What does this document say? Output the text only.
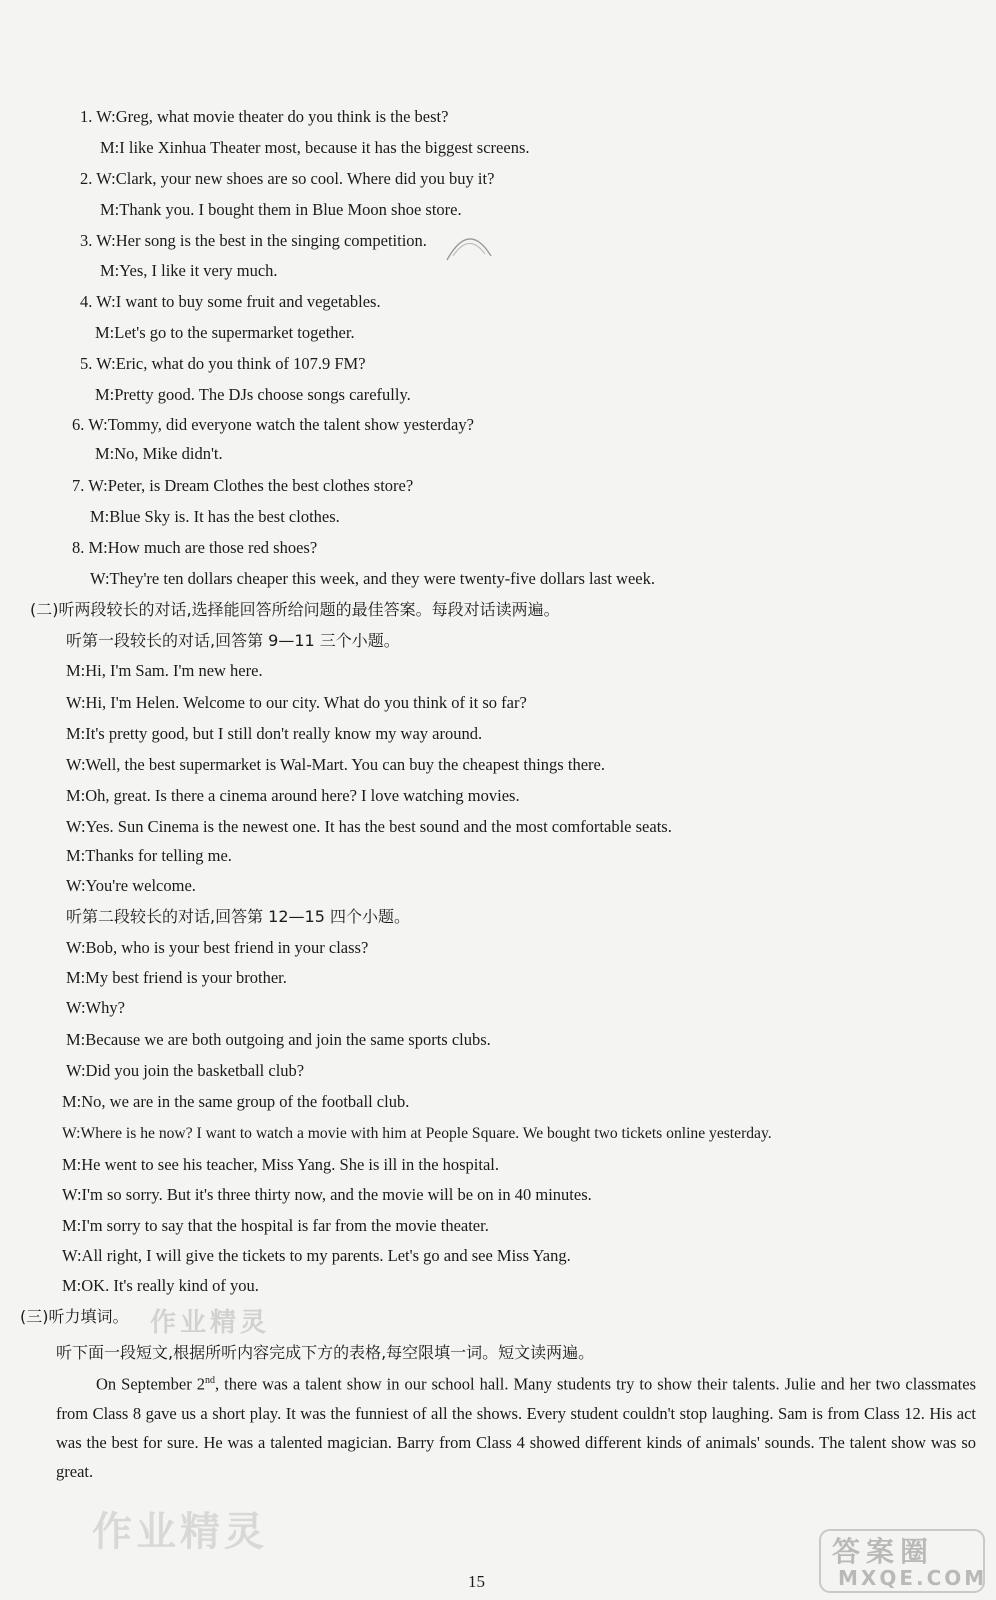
1. W:Greg, what movie theater do you think is the best?
M:I like Xinhua Theater most, because it has the biggest screens.
2. W:Clark, your new shoes are so cool. Where did you buy it?
M:Thank you. I bought them in Blue Moon shoe store.
3. W:Her song is the best in the singing competition.
M:Yes, I like it very much.
4. W:I want to buy some fruit and vegetables.
M:Let's go to the supermarket together.
5. W:Eric, what do you think of 107.9 FM?
M:Pretty good. The DJs choose songs carefully.
6. W:Tommy, did everyone watch the talent show yesterday?
M:No, Mike didn't.
7. W:Peter, is Dream Clothes the best clothes store?
M:Blue Sky is. It has the best clothes.
8. M:How much are those red shoes?
W:They're ten dollars cheaper this week, and they were twenty-five dollars last week.
(二)听两段较长的对话,选择能回答所给问题的最佳答案。每段对话读两遍。
听第一段较长的对话,回答第 9—11 三个小题。
M:Hi, I'm Sam. I'm new here.
W:Hi, I'm Helen. Welcome to our city. What do you think of it so far?
M:It's pretty good, but I still don't really know my way around.
W:Well, the best supermarket is Wal-Mart. You can buy the cheapest things there.
M:Oh, great. Is there a cinema around here? I love watching movies.
W:Yes. Sun Cinema is the newest one. It has the best sound and the most comfortable seats.
M:Thanks for telling me.
W:You're welcome.
听第二段较长的对话,回答第 12—15 四个小题。
W:Bob, who is your best friend in your class?
M:My best friend is your brother.
W:Why?
M:Because we are both outgoing and join the same sports clubs.
W:Did you join the basketball club?
M:No, we are in the same group of the football club.
W:Where is he now? I want to watch a movie with him at People Square. We bought two tickets online yesterday.
M:He went to see his teacher, Miss Yang. She is ill in the hospital.
W:I'm so sorry. But it's three thirty now, and the movie will be on in 40 minutes.
M:I'm sorry to say that the hospital is far from the movie theater.
W:All right, I will give the tickets to my parents. Let's go and see Miss Yang.
M:OK. It's really kind of you.
(三)听力填词。 作业精灵
听下面一段短文,根据所听内容完成下方的表格,每空限填一词。短文读两遍。
On September 2nd, there was a talent show in our school hall. Many students try to show their talents. Julie and her two classmates from Class 8 gave us a short play. It was the funniest of all the shows. Every student couldn't stop laughing. Sam is from Class 12. His act was the best for sure. He was a talented magician. Barry from Class 4 showed different kinds of animals' sounds. The talent show was so great.
作业精灵	答案圈
MXQE.COM
15
